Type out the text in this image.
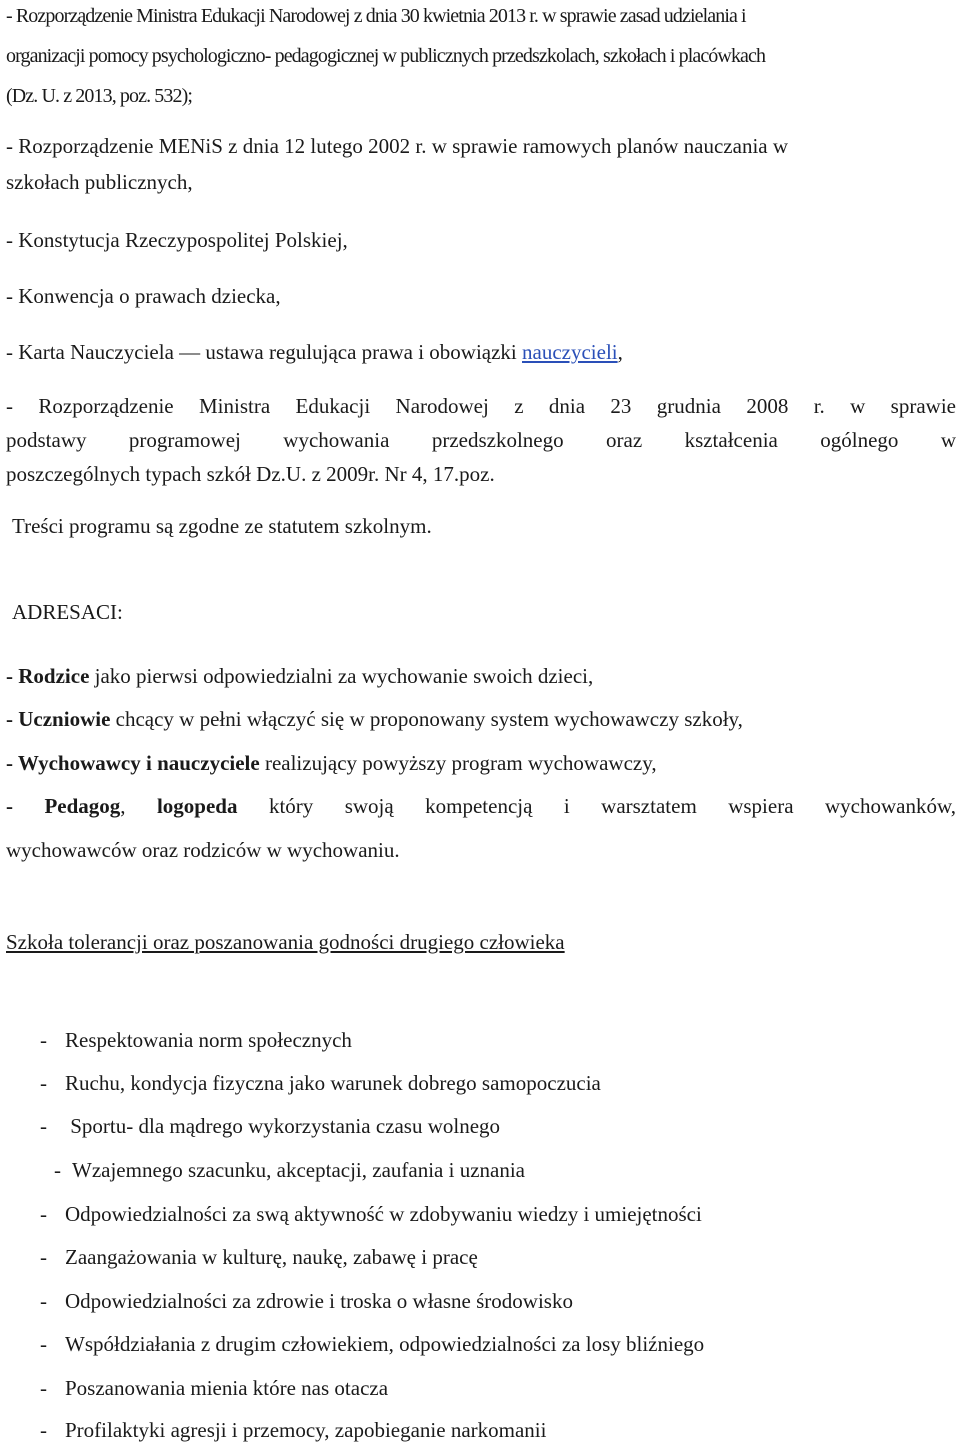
- Rozporządzenie Ministra Edukacji Narodowej z dnia 30 kwietnia 2013 r. w sprawie zasad udzielania i
organizacji pomocy psychologiczno- pedagogicznej w publicznych przedszkolach, szkołach i placówkach
(Dz. U. z 2013, poz. 532);
- Rozporządzenie MENiS z dnia 12 lutego 2002 r. w sprawie ramowych planów nauczania w
szkołach publicznych,
- Konstytucja Rzeczypospolitej Polskiej,
- Konwencja o prawach dziecka,
- Karta Nauczyciela — ustawa regulująca prawa i obowiązki nauczycieli,
- Rozporządzenie Ministra Edukacji Narodowej z dnia 23 grudnia 2008 r. w sprawie
podstawy programowej wychowania przedszkolnego oraz kształcenia ogólnego w
poszczególnych typach szkół Dz.U. z 2009r. Nr 4, 17.poz.
Treści programu są zgodne ze statutem szkolnym.
ADRESACI:
- Rodzice jako pierwsi odpowiedzialni za wychowanie swoich dzieci,
- Uczniowie chcący w pełni włączyć się w proponowany system wychowawczy szkoły,
- Wychowawcy i nauczyciele realizujący powyższy program wychowawczy,
- Pedagog, logopeda który swoją kompetencją i warsztatem wspiera wychowanków,
wychowawców oraz rodziców w wychowaniu.
Szkoła tolerancji oraz poszanowania godności drugiego człowieka
- Respektowania norm społecznych
- Ruchu, kondycja fizyczna jako warunek dobrego samopoczucia
- Sportu- dla mądrego wykorzystania czasu wolnego
- Wzajemnego szacunku, akceptacji, zaufania i uznania
- Odpowiedzialności za swą aktywność w zdobywaniu wiedzy i umiejętności
- Zaangażowania w kulturę, naukę, zabawę i pracę
- Odpowiedzialności za zdrowie i troska o własne środowisko
- Współdziałania z drugim człowiekiem, odpowiedzialności za losy bliźniego
- Poszanowania mienia które nas otacza
- Profilaktyki agresji i przemocy, zapobieganie narkomanii
